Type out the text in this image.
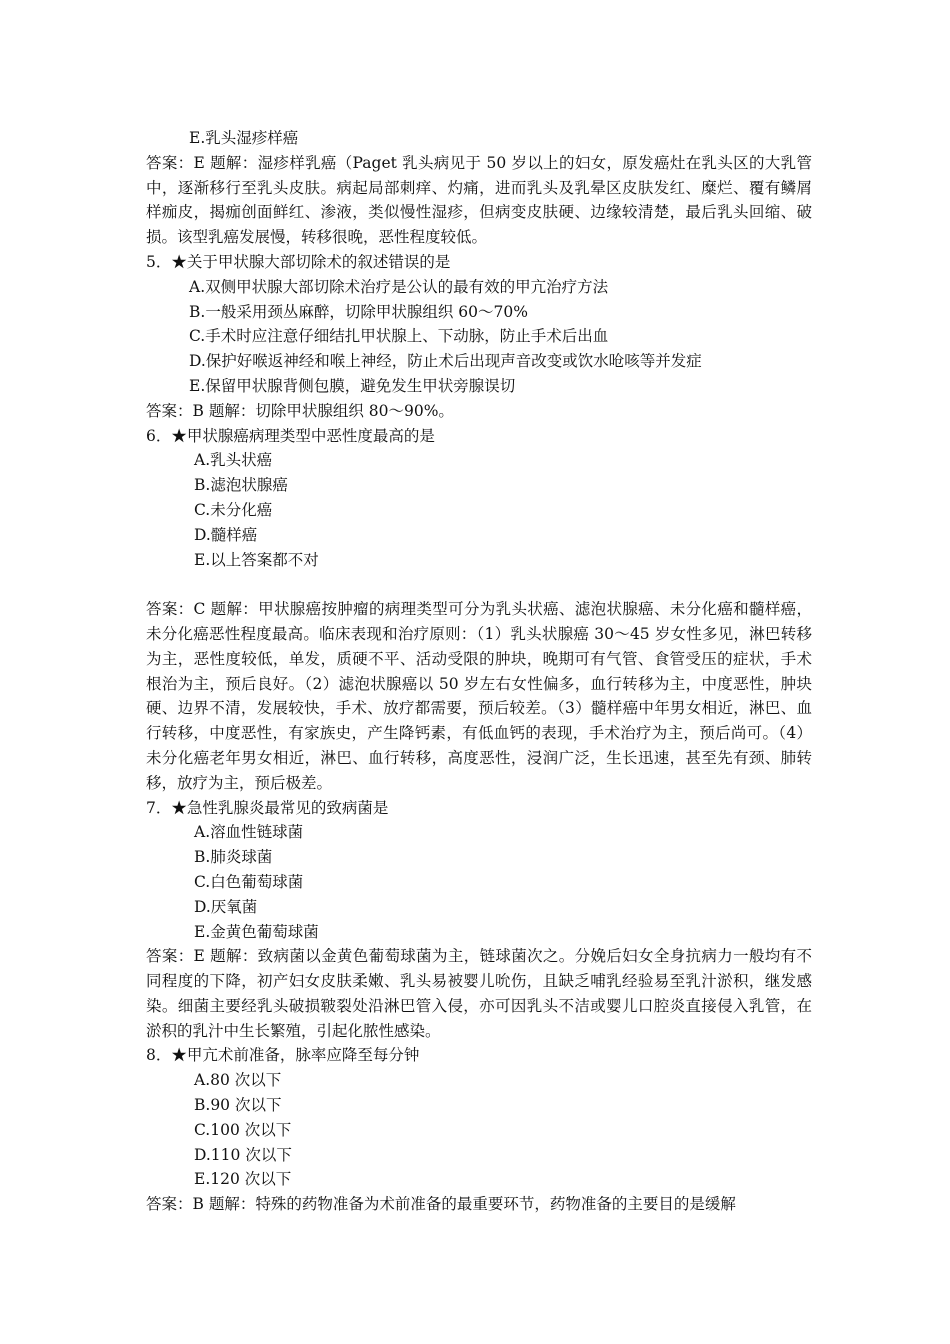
E.乳头湿疹样癌

答案：E 题解：湿疹样乳癌（Paget 乳头病见于 50 岁以上的妇女，原发癌灶在乳头区的大乳管中，逐渐移行至乳头皮肤。病起局部刺痒、灼痛，进而乳头及乳晕区皮肤发红、糜烂、覆有鳞屑样痂皮，揭痂创面鲜红、渗液，类似慢性湿疹，但病变皮肤硬、边缘较清楚，最后乳头回缩、破损。该型乳癌发展慢，转移很晚，恶性程度较低。

5．★关于甲状腺大部切除术的叙述错误的是

A.双侧甲状腺大部切除术治疗是公认的最有效的甲亢治疗方法

B.一般采用颈丛麻醉，切除甲状腺组织 60～70%

C.手术时应注意仔细结扎甲状腺上、下动脉，防止手术后出血

D.保护好喉返神经和喉上神经，防止术后出现声音改变或饮水呛咳等并发症

E.保留甲状腺背侧包膜，避免发生甲状旁腺误切

答案：B 题解：切除甲状腺组织 80～90%。

6．★甲状腺癌病理类型中恶性度最高的是

A.乳头状癌

B.滤泡状腺癌

C.未分化癌

D.髓样癌

E.以上答案都不对

答案：C 题解：甲状腺癌按肿瘤的病理类型可分为乳头状癌、滤泡状腺癌、未分化癌和髓样癌，未分化癌恶性程度最高。临床表现和治疗原则：（1）乳头状腺癌 30～45 岁女性多见，淋巴转移为主，恶性度较低，单发，质硬不平、活动受限的肿块，晚期可有气管、食管受压的症状，手术根治为主，预后良好。（2）滤泡状腺癌以 50 岁左右女性偏多，血行转移为主，中度恶性，肿块硬、边界不清，发展较快，手术、放疗都需要，预后较差。（3）髓样癌中年男女相近，淋巴、血行转移，中度恶性，有家族史，产生降钙素，有低血钙的表现，手术治疗为主，预后尚可。（4）未分化癌老年男女相近，淋巴、血行转移，高度恶性，浸润广泛，生长迅速，甚至先有颈、肺转移，放疗为主，预后极差。

7．★急性乳腺炎最常见的致病菌是

A.溶血性链球菌

B.肺炎球菌

C.白色葡萄球菌

D.厌氧菌

E.金黄色葡萄球菌

答案：E 题解：致病菌以金黄色葡萄球菌为主，链球菌次之。分娩后妇女全身抗病力一般均有不同程度的下降，初产妇女皮肤柔嫩、乳头易被婴儿吮伤，且缺乏哺乳经验易至乳汁淤积，继发感染。细菌主要经乳头破损皲裂处沿淋巴管入侵，亦可因乳头不洁或婴儿口腔炎直接侵入乳管，在淤积的乳汁中生长繁殖，引起化脓性感染。

8．★甲亢术前准备，脉率应降至每分钟

A.80 次以下

B.90 次以下

C.100 次以下

D.110 次以下

E.120 次以下

答案：B 题解：特殊的药物准备为术前准备的最重要环节，药物准备的主要目的是缓解
